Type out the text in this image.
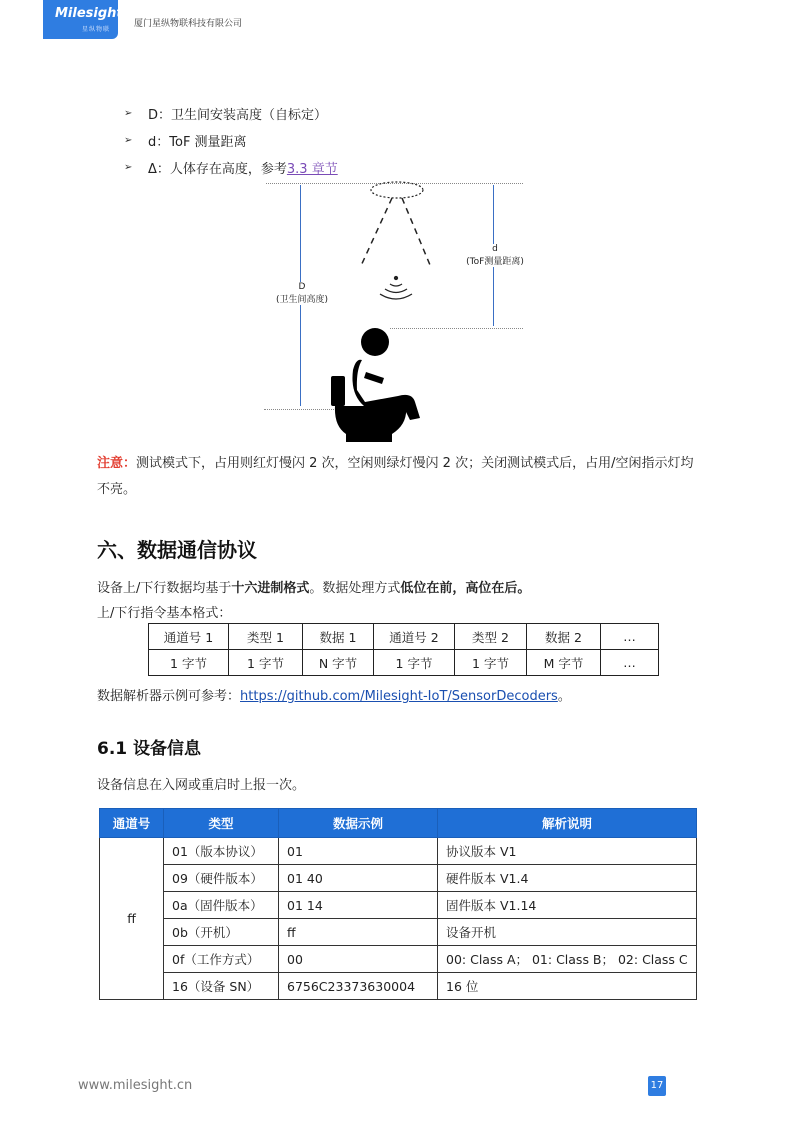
Milesight
星纵物联
厦门星纵物联科技有限公司
➢ D：卫生间安装高度（自标定）
➢ d：ToF 测量距离
➢ Δ：人体存在高度，参考 3.3 章节
D
(卫生间高度)
d
(ToF测量距离)
注意：测试模式下，占用则红灯慢闪 2 次，空闲则绿灯慢闪 2 次；关闭测试模式后，占用/空闲指示灯均不亮。
六、数据通信协议
设备上/下行数据均基于十六进制格式。数据处理方式低位在前，高位在后。
上/下行指令基本格式：
通道号 1	类型 1	数据 1	通道号 2	类型 2	数据 2	…
1 字节	1 字节	N 字节	1 字节	1 字节	M 字节	…
数据解析器示例可参考：https://github.com/Milesight-IoT/SensorDecoders。
6.1 设备信息
设备信息在入网或重启时上报一次。
通道号	类型	数据示例	解析说明
ff	01（版本协议）	01	协议版本 V1
	09（硬件版本）	01 40	硬件版本 V1.4
	0a（固件版本）	01 14	固件版本 V1.14
	0b（开机）	ff	设备开机
	0f（工作方式）	00	00: Class A； 01: Class B； 02: Class C
	16（设备 SN）	6756C23373630004	16 位
www.milesight.cn	17
